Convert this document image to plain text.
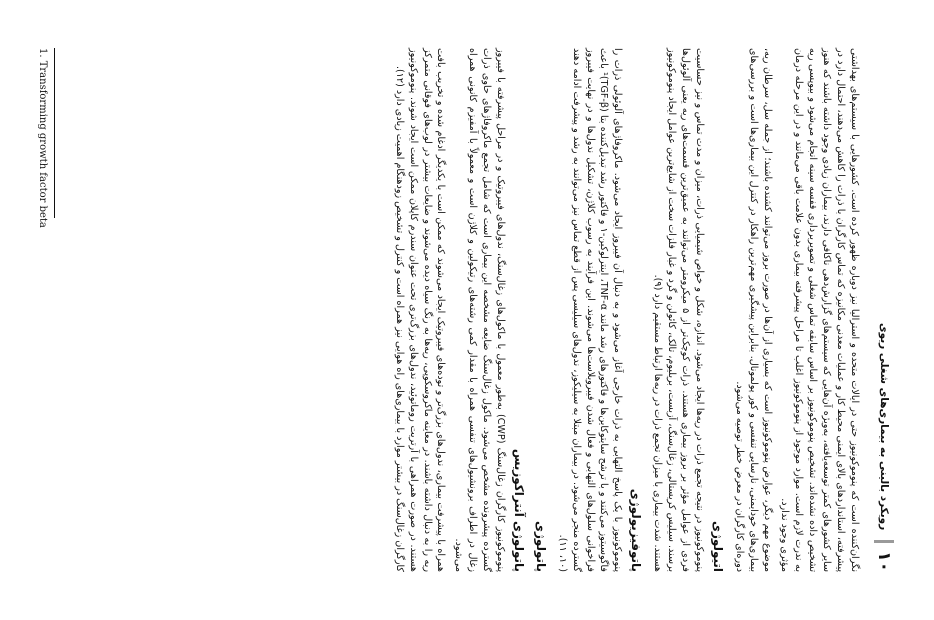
۱۰
رویکرد بالینی به بیماری‌های شغلی ریوی

نگران‌کننده است که پنوموکونیوز حتی در ایالات متحده و استرالیا نیز دوباره ظهور کرده است. کشورهایی با سیستم‌های بهداشتی پیشرفته، استانداردهای بالای ایمنی محیط کار و عملیات معدنی مکانیزه که تماس کارگران با ذرات را کاهش می‌دهند، احتمال دارد در سایر کشورهای کمتر توسعه‌یافته، به‌ویژه آن‌هایی که سیستم‌های گزارش‌دهی ناکافی دارند، بیماران زیادی وجود داشته باشند که هنوز تشخیص داده نشده‌اند. تشخیص پنوموکونیوز بر اساس سابقه تماس شغلی و تصویربرداری قفسه سینه انجام می‌شود و بیوپسی ریه به ندرت لازم است. موارد موجود از پنوموکونیوز اغلب تا مراحل پیشرفته بیماری بدون علامت باقی می‌مانند و در این مرحله درمان مؤثری وجود ندارد.

موضوع مهم دیگر، عوارض پنوموکونیوز است که بسیاری از آن‌ها در صورت بروز می‌توانند کشنده باشند؛ از جمله سل، سرطان ریه، بیماری‌های خودایمنی، نارسایی تنفسی و کور پولمونال. بنابراین پیشگیری مهم‌ترین راهکار در کنترل این بیماری‌ها است و بررسی‌های دوره‌ای کارگران در معرض خطر توصیه می‌شود.

اتیولوژی

پنوموکونیوز در نتیجه تجمع ذرات در ریه‌ها ایجاد می‌شود. اندازه، شکل و خواص شیمیایی ذرات، میزان و مدت تماس و نیز حساسیت فردی از عوامل مؤثر بر بروز بیماری هستند. ذرات کوچک‌تر از ۵ میکرومتر می‌توانند به عمیق‌ترین قسمت‌های ریه یعنی آلوئول‌ها برسند. سیلیس کریستالی، زغال‌سنگ، آزبست، بریلیوم، تالک، کائولن و گرد و غبار فلزات سخت از شایع‌ترین عوامل ایجاد پنوموکونیوز هستند. شدت بیماری با میزان تجمع ذرات در ریه‌ها ارتباط مستقیم دارد (۹).

پاتوفیزیولوژی

پنوموکونیوز با یک پاسخ التهابی به ذرات خارجی آغاز می‌شود و به دنبال آن فیبروز ایجاد می‌شود. ماکروفاژهای آلوئولی ذرات را فاگوسیتوز می‌کنند و با ترشح سایتوکاین‌ها و فاکتورهای رشد مانند TNF-α، اینترلوکین-۱ و فاکتور رشد تبدیل‌کننده بتا (TGF-β)¹ باعث فراخوانی سلول‌های التهابی و فعال شدن فیبروبلاست‌ها می‌شوند. این فرآیند به رسوب کلاژن، تشکیل ندول‌ها و در نهایت فیبروز گسترده منجر می‌شود. در بیماران مبتلا به سیلیکوز، ندول‌های سیلیسی پس از قطع تماس نیز می‌توانند به رشد و پیشرفت ادامه دهند (۱۰، ۱۱).

پاتولوژی
پاتولوژی آنتراکوزیس

پنوموکونیوز کارگران زغال‌سنگ (CWP) به‌طور معمول با ماکول‌های زغال‌سنگ، ندول‌های فیبروتیک و در مراحل پیشرفته با فیبروز گسترده پیشرونده مشخص می‌شود. ماکول زغال‌سنگ ضایعه مشخصه این بیماری است که شامل تجمع ماکروفاژهای حاوی ذرات زغال در اطراف برونشیول‌های تنفسی همراه با مقدار کمی رشته‌های رتیکولین و کلاژن است و معمولاً با آمفیزم کانونی همراه می‌شود.

همراه با پیشرفت بیماری، ندول‌های بزرگ‌تر و توده‌های فیبروتیک ایجاد می‌شوند که ممکن است با یکدیگر ادغام شده و تخریب بافت ریه را به دنبال داشته باشند. در معاینه ماکروسکوپی، ریه‌ها به رنگ سیاه دیده می‌شوند و ضایعات بیشتر در لوب‌های فوقانی متمرکز هستند. در صورت همراهی با آرتریت روماتوئید، ندول‌های بزرگ‌تری تحت عنوان سندرم کاپلان ممکن است ایجاد شوند. پنوموکونیوز کارگران زغال‌سنگ در بیشتر موارد با بیماری‌های راه هوایی نیز همراه است و کنترل و تشخیص زودهنگام اهمیت زیادی دارد (۱۲).

1. Transforming growth factor beta
